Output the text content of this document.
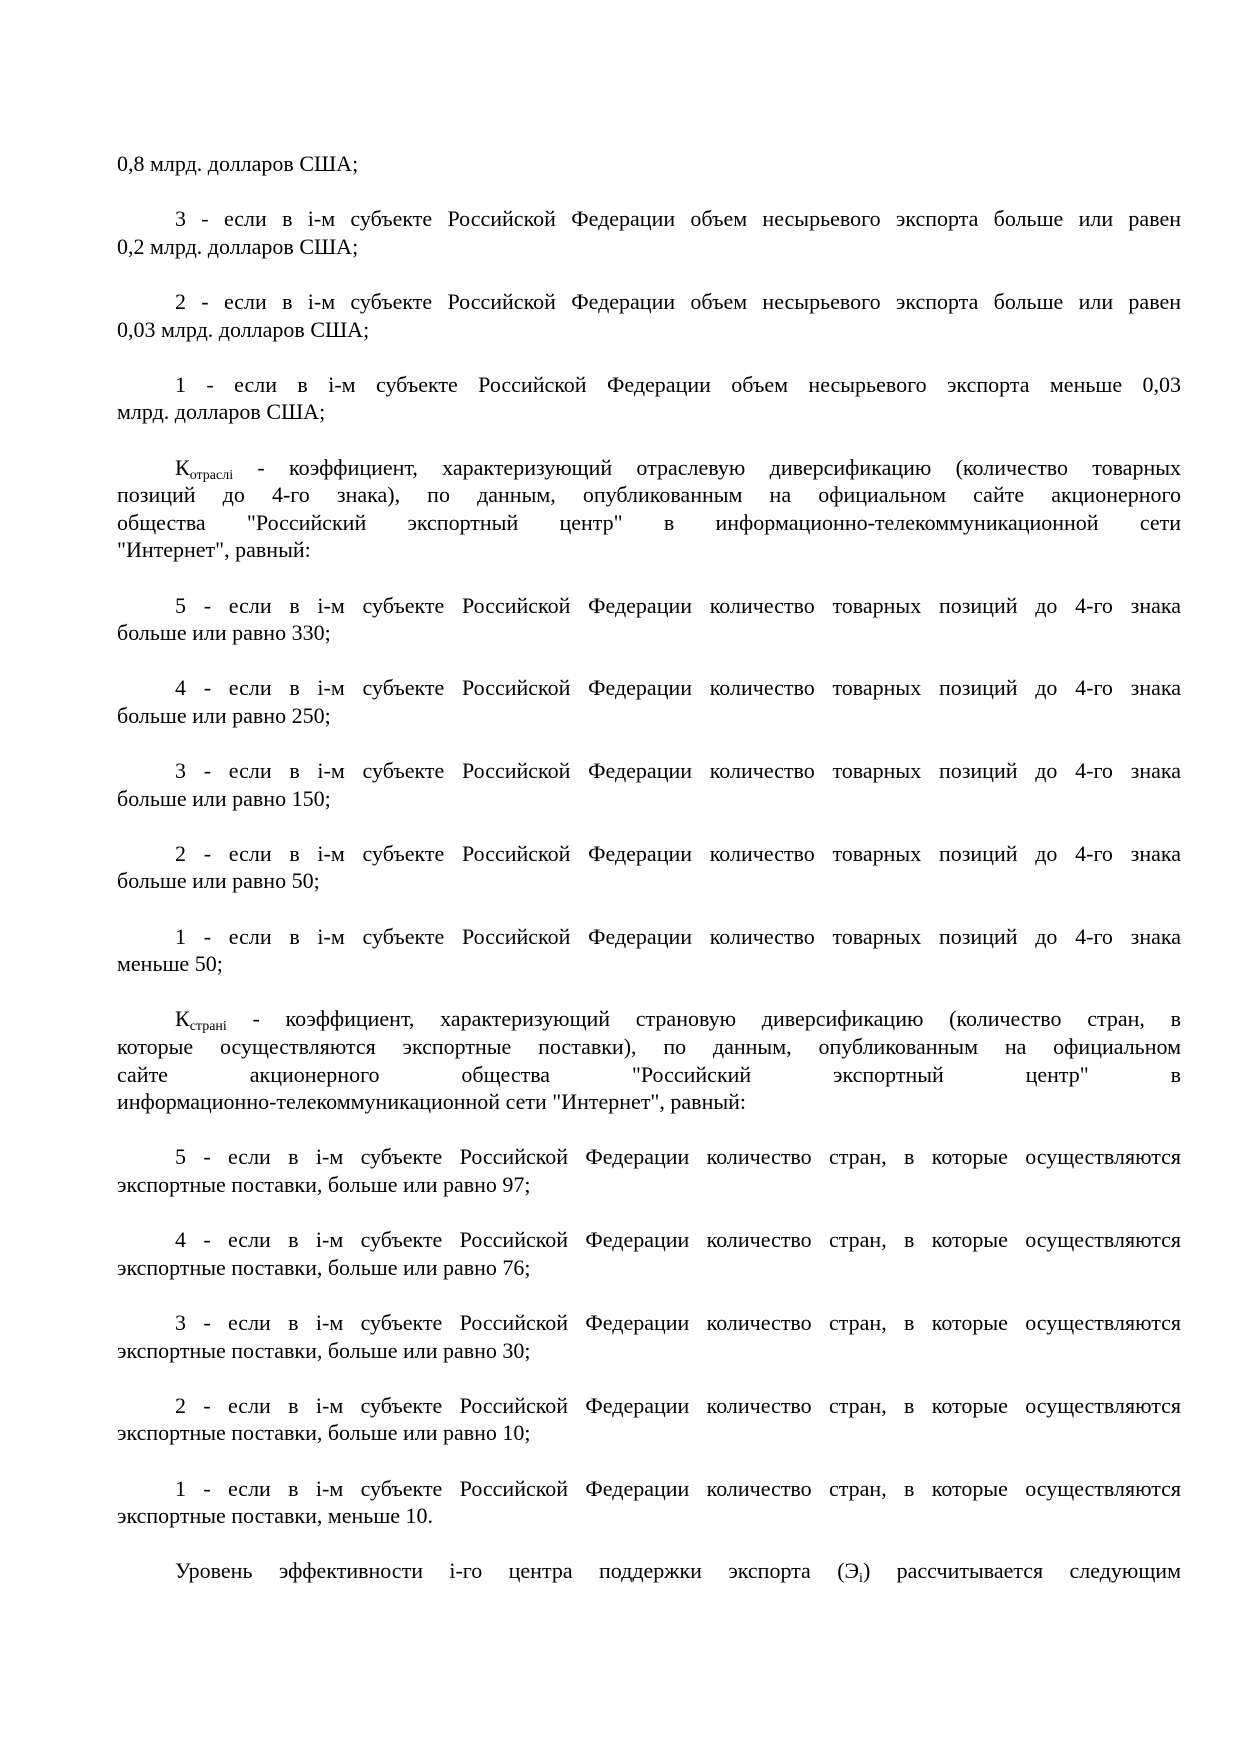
0,8 млрд. долларов США;
3 - если в i-м субъекте Российской Федерации объем несырьевого экспорта больше или равен
0,2 млрд. долларов США;
2 - если в i-м субъекте Российской Федерации объем несырьевого экспорта больше или равен
0,03 млрд. долларов США;
1 - если в i-м субъекте Российской Федерации объем несырьевого экспорта меньше 0,03
млрд. долларов США;
Котраслi - коэффициент, характеризующий отраслевую диверсификацию (количество товарных
позиций до 4-го знака), по данным, опубликованным на официальном сайте акционерного
общества "Российский экспортный центр" в информационно-телекоммуникационной сети
"Интернет", равный:
5 - если в i-м субъекте Российской Федерации количество товарных позиций до 4-го знака
больше или равно 330;
4 - если в i-м субъекте Российской Федерации количество товарных позиций до 4-го знака
больше или равно 250;
3 - если в i-м субъекте Российской Федерации количество товарных позиций до 4-го знака
больше или равно 150;
2 - если в i-м субъекте Российской Федерации количество товарных позиций до 4-го знака
больше или равно 50;
1 - если в i-м субъекте Российской Федерации количество товарных позиций до 4-го знака
меньше 50;
Кстранi - коэффициент, характеризующий страновую диверсификацию (количество стран, в
которые осуществляются экспортные поставки), по данным, опубликованным на официальном
сайте акционерного общества "Российский экспортный центр" в
информационно-телекоммуникационной сети "Интернет", равный:
5 - если в i-м субъекте Российской Федерации количество стран, в которые осуществляются
экспортные поставки, больше или равно 97;
4 - если в i-м субъекте Российской Федерации количество стран, в которые осуществляются
экспортные поставки, больше или равно 76;
3 - если в i-м субъекте Российской Федерации количество стран, в которые осуществляются
экспортные поставки, больше или равно 30;
2 - если в i-м субъекте Российской Федерации количество стран, в которые осуществляются
экспортные поставки, больше или равно 10;
1 - если в i-м субъекте Российской Федерации количество стран, в которые осуществляются
экспортные поставки, меньше 10.
Уровень эффективности i-го центра поддержки экспорта (Эi) рассчитывается следующим
